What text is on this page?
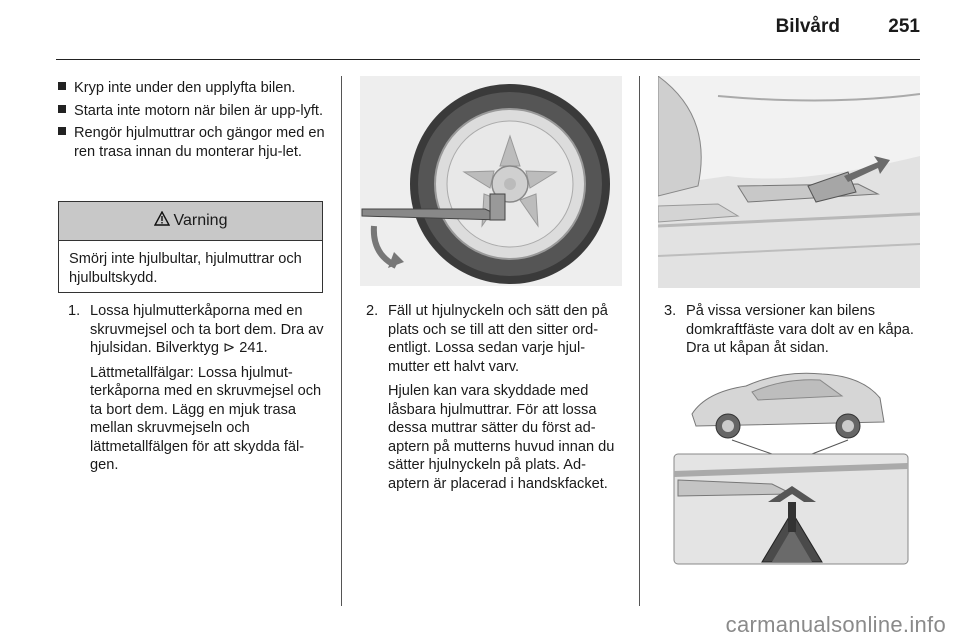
Bilvård	251
Kryp inte under den upplyfta bilen.
Starta inte motorn när bilen är upp-lyft.
Rengör hjulmuttrar och gängor med en ren trasa innan du monterar hju-let.
Varning
Smörj inte hjulbultar, hjulmuttrar och hjulbultskydd.
1. Lossa hjulmutterkåporna med en skruvmejsel och ta bort dem. Dra av hjulsidan. Bilverktyg ⊳ 241.

Lättmetallfälgar: Lossa hjulmut-terkåporna med en skruvmejsel och ta bort dem. Lägg en mjuk trasa mellan skruvmejseln och lättmetallfälgen för att skydda fäl-gen.

2. Fäll ut hjulnyckeln och sätt den på plats och se till att den sitter ord-entligt. Lossa sedan varje hjul-mutter ett halvt varv.

Hjulen kan vara skyddade med låsbara hjulmuttrar. För att lossa dessa muttrar sätter du först ad-aptern på mutterns huvud innan du sätter hjulnyckeln på plats. Ad-aptern är placerad i handskfacket.

3. På vissa versioner kan bilens domkraftfäste vara dolt av en kåpa. Dra ut kåpan åt sidan.

carmanualsonline.info
